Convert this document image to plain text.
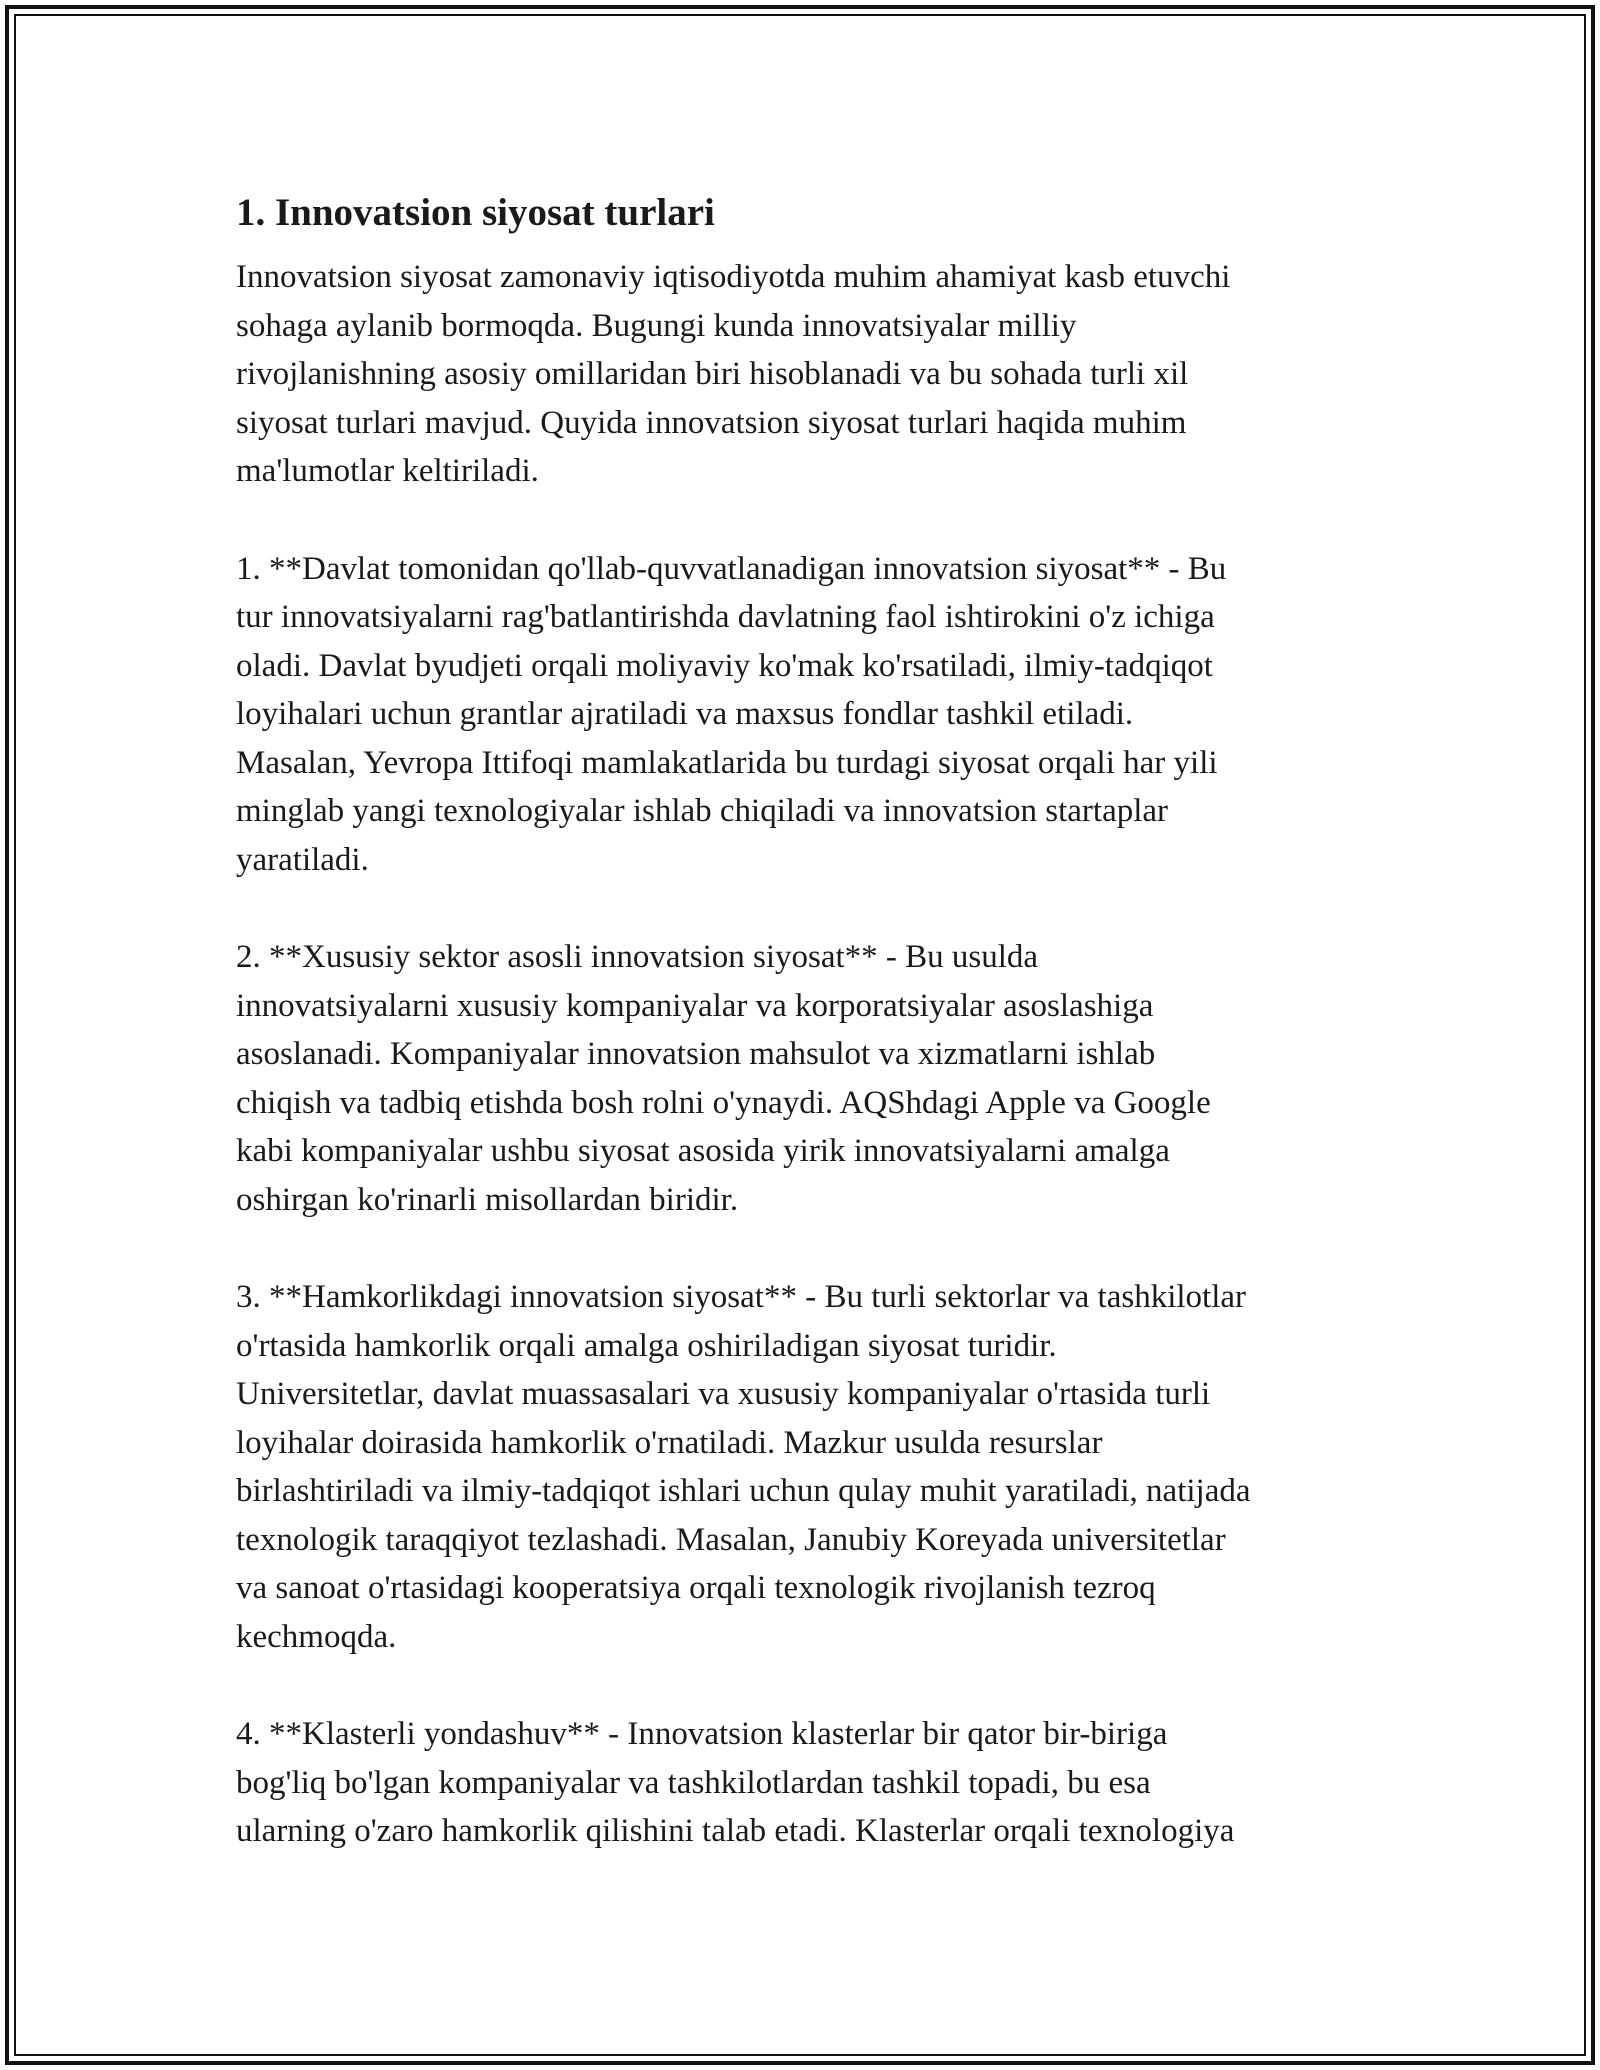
1. Innovatsion siyosat turlari
Innovatsion siyosat zamonaviy iqtisodiyotda muhim ahamiyat kasb etuvchi
sohaga aylanib bormoqda. Bugungi kunda innovatsiyalar milliy
rivojlanishning asosiy omillaridan biri hisoblanadi va bu sohada turli xil
siyosat turlari mavjud. Quyida innovatsion siyosat turlari haqida muhim
ma'lumotlar keltiriladi.
1. **Davlat tomonidan qo'llab-quvvatlanadigan innovatsion siyosat** - Bu
tur innovatsiyalarni rag'batlantirishda davlatning faol ishtirokini o'z ichiga
oladi. Davlat byudjeti orqali moliyaviy ko'mak ko'rsatiladi, ilmiy-tadqiqot
loyihalari uchun grantlar ajratiladi va maxsus fondlar tashkil etiladi.
Masalan, Yevropa Ittifoqi mamlakatlarida bu turdagi siyosat orqali har yili
minglab yangi texnologiyalar ishlab chiqiladi va innovatsion startaplar
yaratiladi.
2. **Xususiy sektor asosli innovatsion siyosat** - Bu usulda
innovatsiyalarni xususiy kompaniyalar va korporatsiyalar asoslashiga
asoslanadi. Kompaniyalar innovatsion mahsulot va xizmatlarni ishlab
chiqish va tadbiq etishda bosh rolni o'ynaydi. AQShdagi Apple va Google
kabi kompaniyalar ushbu siyosat asosida yirik innovatsiyalarni amalga
oshirgan ko'rinarli misollardan biridir.
3. **Hamkorlikdagi innovatsion siyosat** - Bu turli sektorlar va tashkilotlar
o'rtasida hamkorlik orqali amalga oshiriladigan siyosat turidir.
Universitetlar, davlat muassasalari va xususiy kompaniyalar o'rtasida turli
loyihalar doirasida hamkorlik o'rnatiladi. Mazkur usulda resurslar
birlashtiriladi va ilmiy-tadqiqot ishlari uchun qulay muhit yaratiladi, natijada
texnologik taraqqiyot tezlashadi. Masalan, Janubiy Koreyada universitetlar
va sanoat o'rtasidagi kooperatsiya orqali texnologik rivojlanish tezroq
kechmoqda.
4. **Klasterli yondashuv** - Innovatsion klasterlar bir qator bir-biriga
bog'liq bo'lgan kompaniyalar va tashkilotlardan tashkil topadi, bu esa
ularning o'zaro hamkorlik qilishini talab etadi. Klasterlar orqali texnologiya
